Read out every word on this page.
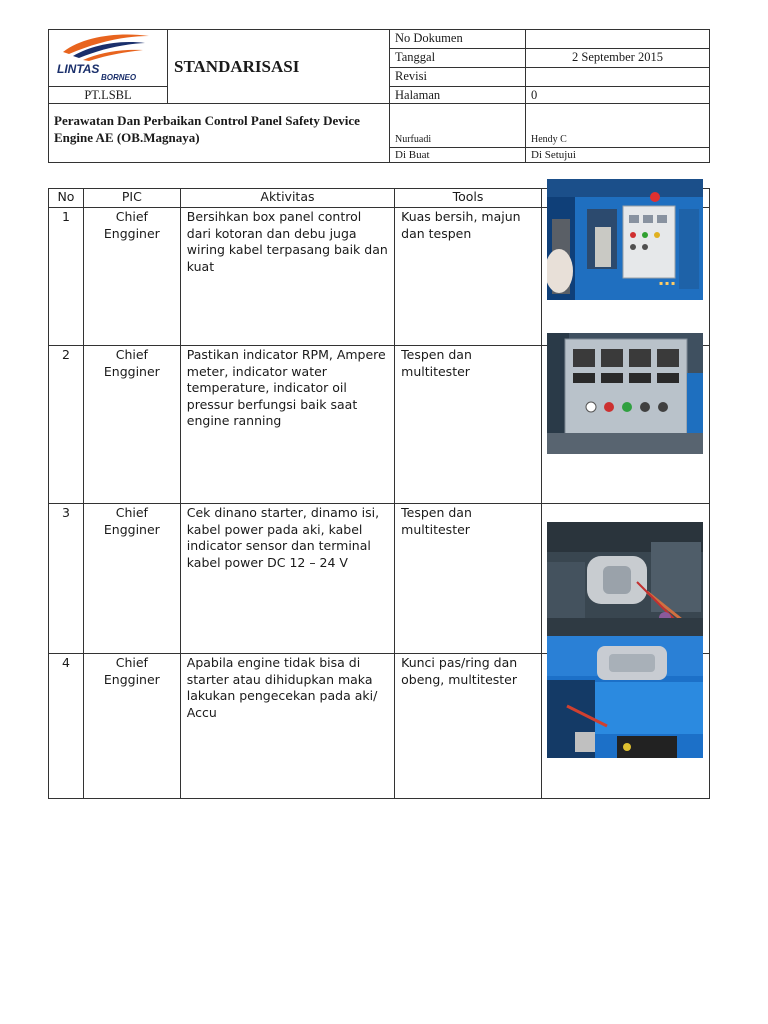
LINTAS
BORNEO	STANDARISASI	No Dokumen	
		Tanggal	2 September 2015
		Revisi	
PT.LSBL		Halaman	0
Perawatan Dan Perbaikan Control Panel Safety Device Engine AE (OB.Magnaya)		Nurfuadi	Hendy C
		Di Buat	Di Setujui
No	PIC	Aktivitas	Tools	
1	Chief Engginer	Bersihkan box panel control dari kotoran dan debu juga wiring kabel terpasang baik dan kuat	Kuas bersih, majun dan tespen	
2	Chief Engginer	Pastikan indicator RPM, Ampere meter, indicator water temperature, indicator oil pressur berfungsi baik saat engine ranning	Tespen dan multitester	
3	Chief Engginer	Cek dinano starter, dinamo isi, kabel power pada aki, kabel indicator sensor dan terminal kabel power DC 12 – 24 V	Tespen dan multitester	
4	Chief Engginer	Apabila engine tidak bisa di starter atau dihidupkan maka lakukan pengecekan pada aki/ Accu	Kunci pas/ring dan obeng, multitester	
▪ ▪ ▪
